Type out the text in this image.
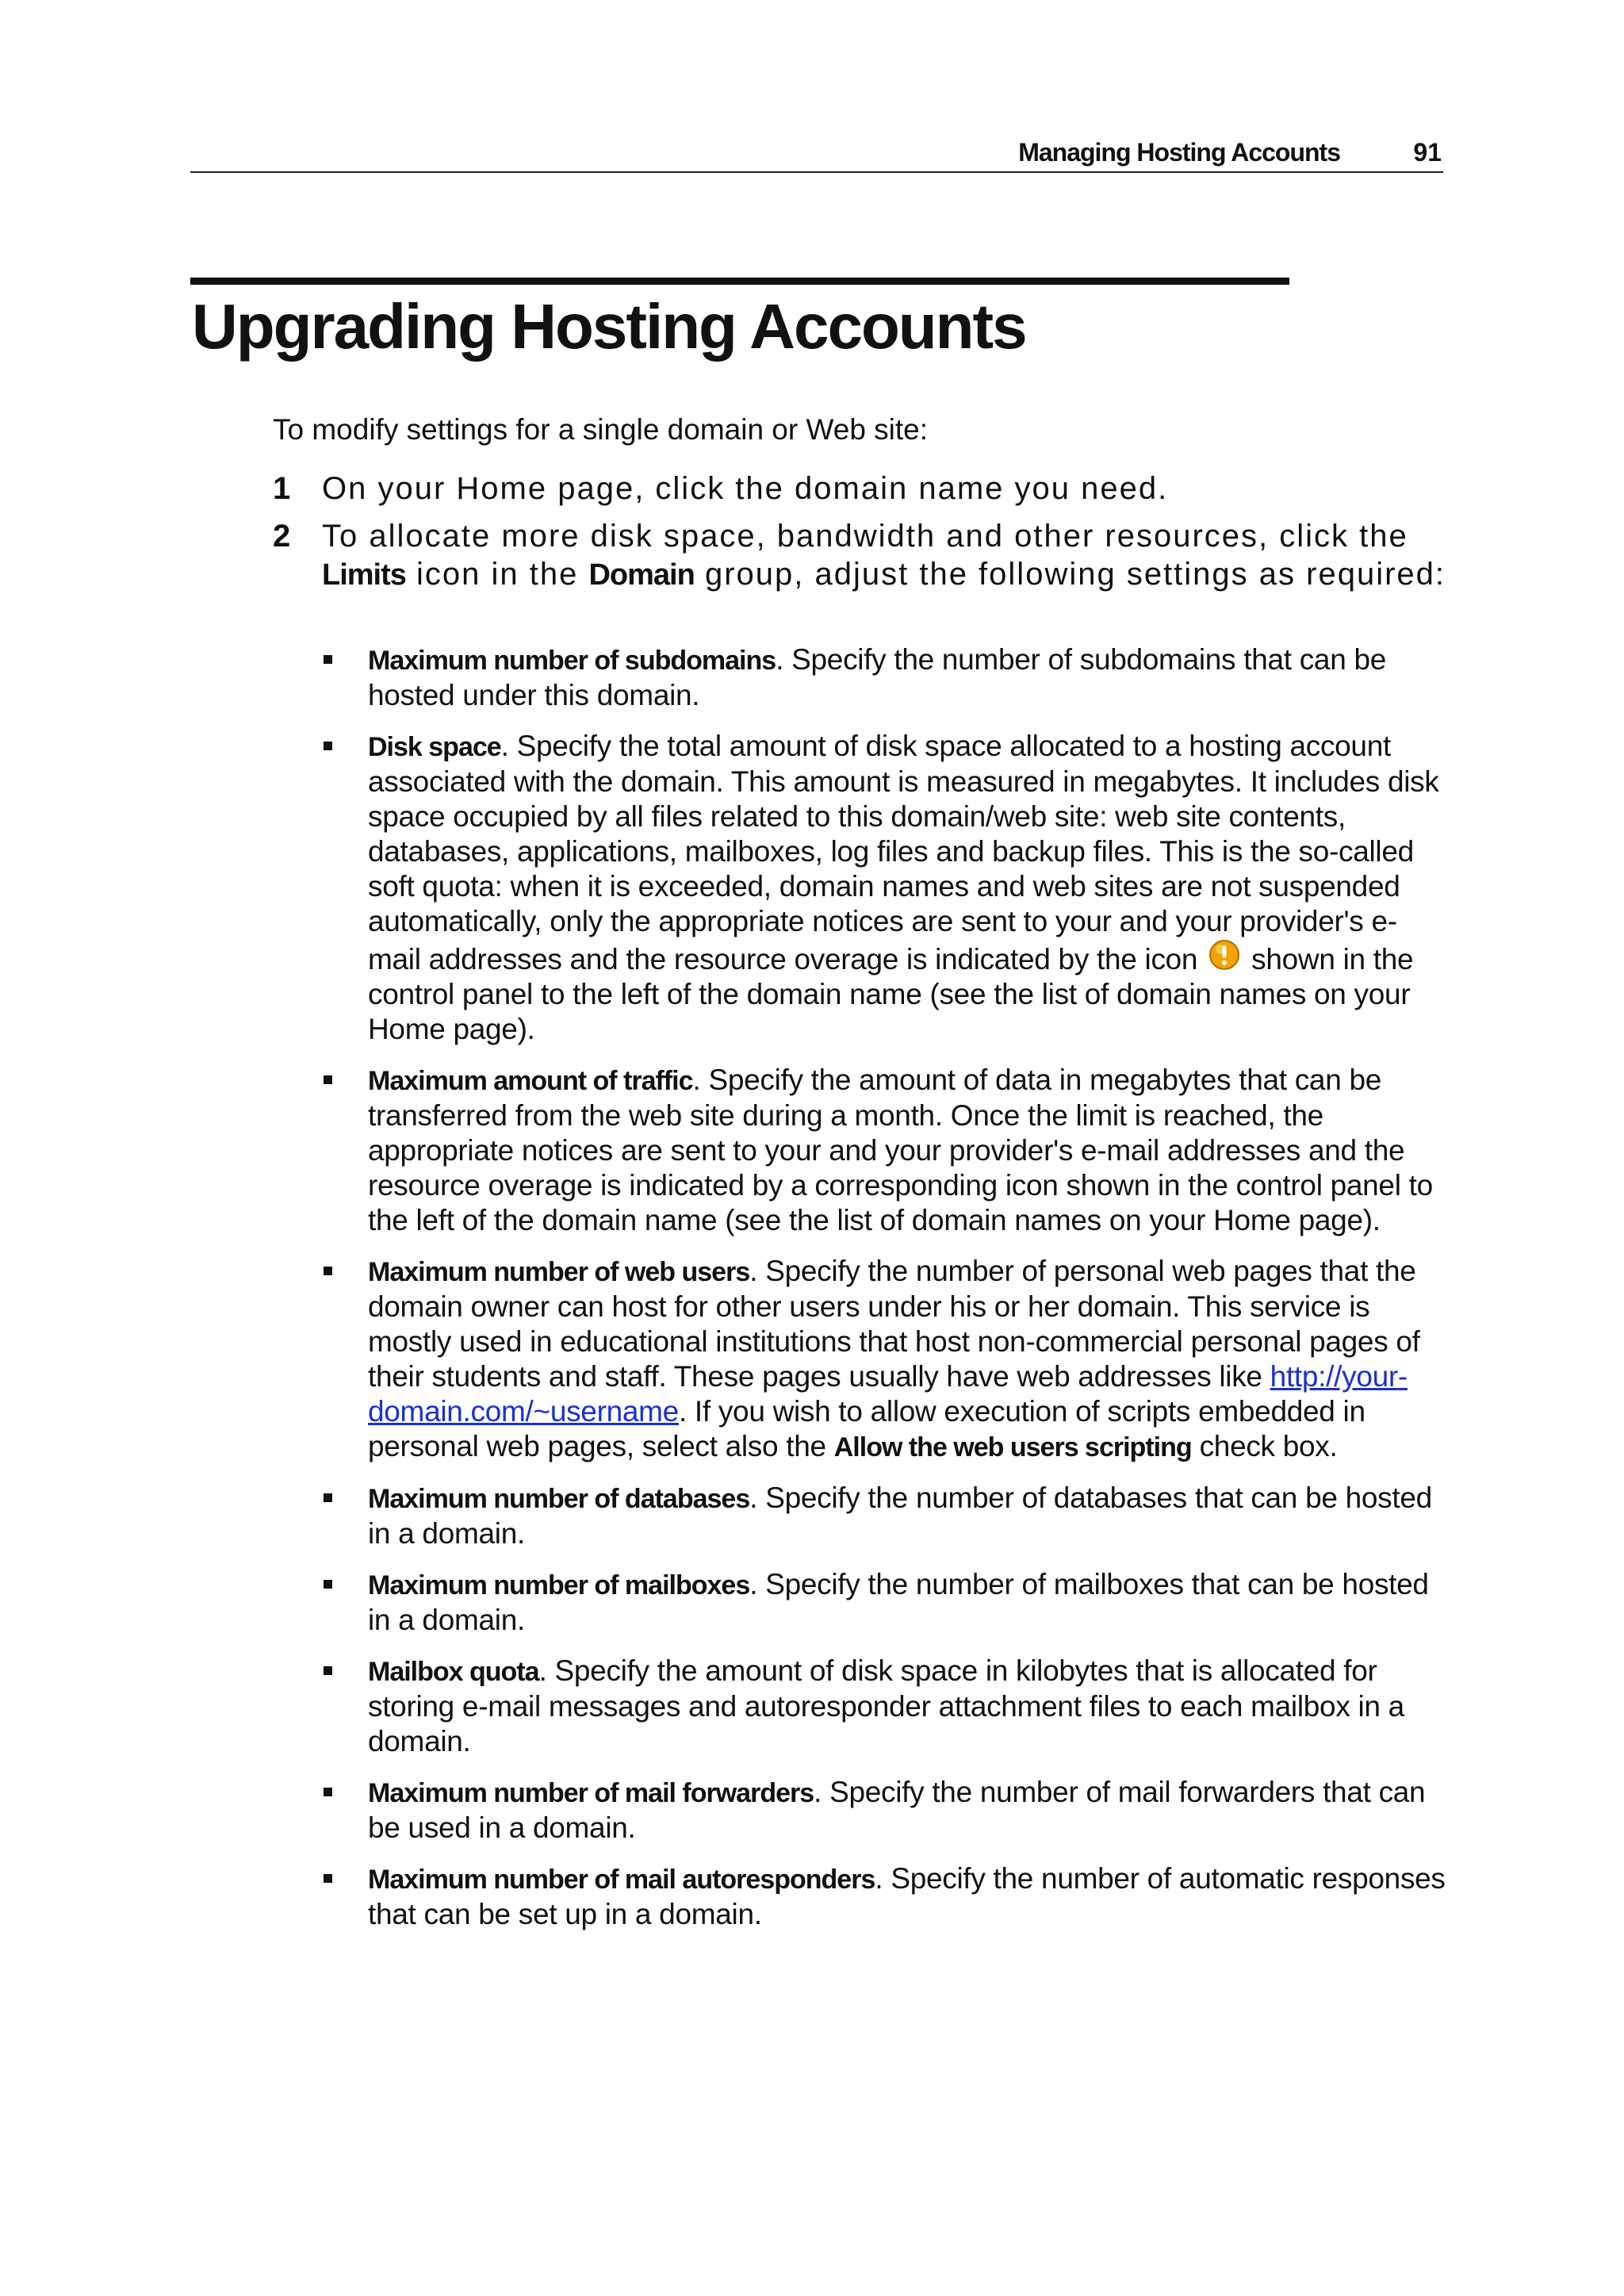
Managing Hosting Accounts	91
Upgrading Hosting Accounts

To modify settings for a single domain or Web site:

1 On your Home page, click the domain name you need.
2 To allocate more disk space, bandwidth and other resources, click the Limits icon in the Domain group, adjust the following settings as required:
Maximum number of subdomains. Specify the number of subdomains that can be hosted under this domain.
Disk space. Specify the total amount of disk space allocated to a hosting account associated with the domain. This amount is measured in megabytes. It includes disk space occupied by all files related to this domain/web site: web site contents, databases, applications, mailboxes, log files and backup files. This is the so-called soft quota: when it is exceeded, domain names and web sites are not suspended automatically, only the appropriate notices are sent to your and your provider's e-mail addresses and the resource overage is indicated by the icon  shown in the control panel to the left of the domain name (see the list of domain names on your Home page).
Maximum amount of traffic. Specify the amount of data in megabytes that can be transferred from the web site during a month. Once the limit is reached, the appropriate notices are sent to your and your provider's e-mail addresses and the resource overage is indicated by a corresponding icon shown in the control panel to the left of the domain name (see the list of domain names on your Home page).
Maximum number of web users. Specify the number of personal web pages that the domain owner can host for other users under his or her domain. This service is mostly used in educational institutions that host non-commercial personal pages of their students and staff. These pages usually have web addresses like http://your-domain.com/~username. If you wish to allow execution of scripts embedded in personal web pages, select also the Allow the web users scripting check box.
Maximum number of databases. Specify the number of databases that can be hosted in a domain.
Maximum number of mailboxes. Specify the number of mailboxes that can be hosted in a domain.
Mailbox quota. Specify the amount of disk space in kilobytes that is allocated for storing e-mail messages and autoresponder attachment files to each mailbox in a domain.
Maximum number of mail forwarders. Specify the number of mail forwarders that can be used in a domain.
Maximum number of mail autoresponders. Specify the number of automatic responses that can be set up in a domain.
